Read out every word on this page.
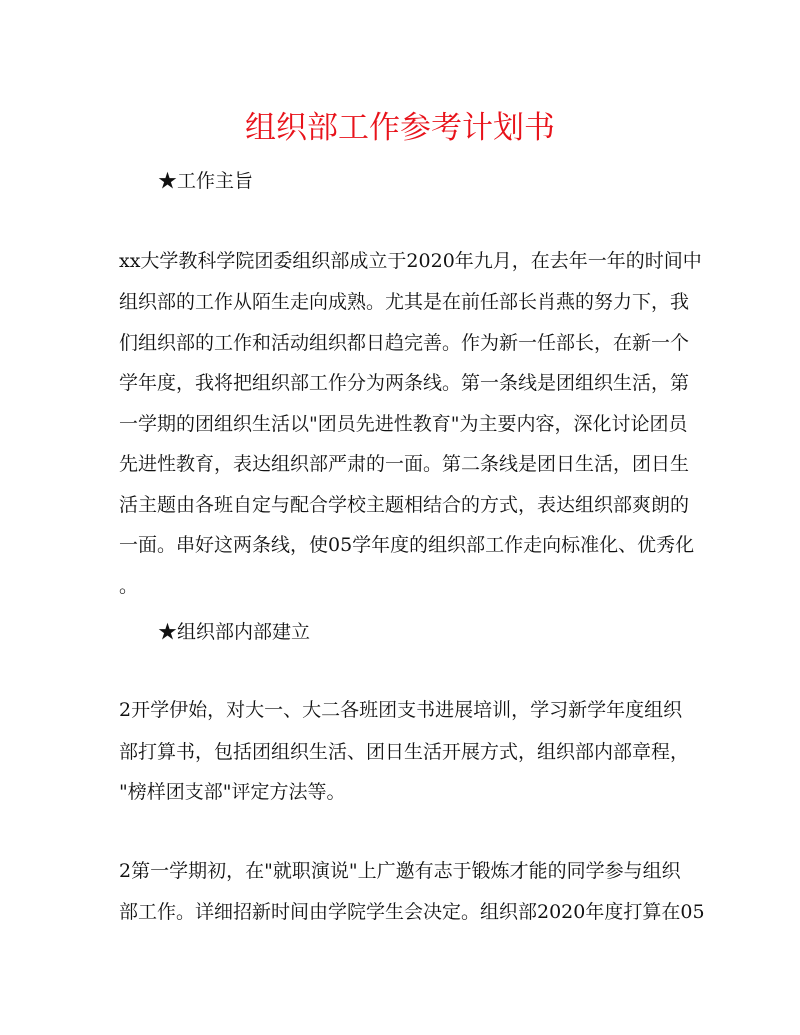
组织部工作参考计划书
★工作主旨
xx大学教科学院团委组织部成立于2020年九月，在去年一年的时间中
组织部的工作从陌生走向成熟。尤其是在前任部长肖燕的努力下，我
们组织部的工作和活动组织都日趋完善。作为新一任部长，在新一个
学年度，我将把组织部工作分为两条线。第一条线是团组织生活，第
一学期的团组织生活以"团员先进性教育"为主要内容，深化讨论团员
先进性教育，表达组织部严肃的一面。第二条线是团日生活，团日生
活主题由各班自定与配合学校主题相结合的方式，表达组织部爽朗的
一面。串好这两条线，使05学年度的组织部工作走向标准化、优秀化
。
★组织部内部建立
2开学伊始，对大一、大二各班团支书进展培训，学习新学年度组织
部打算书，包括团组织生活、团日生活开展方式，组织部内部章程，
"榜样团支部"评定方法等。
2第一学期初，在"就职演说"上广邀有志于锻炼才能的同学参与组织
部工作。详细招新时间由学院学生会决定。组织部2020年度打算在05
